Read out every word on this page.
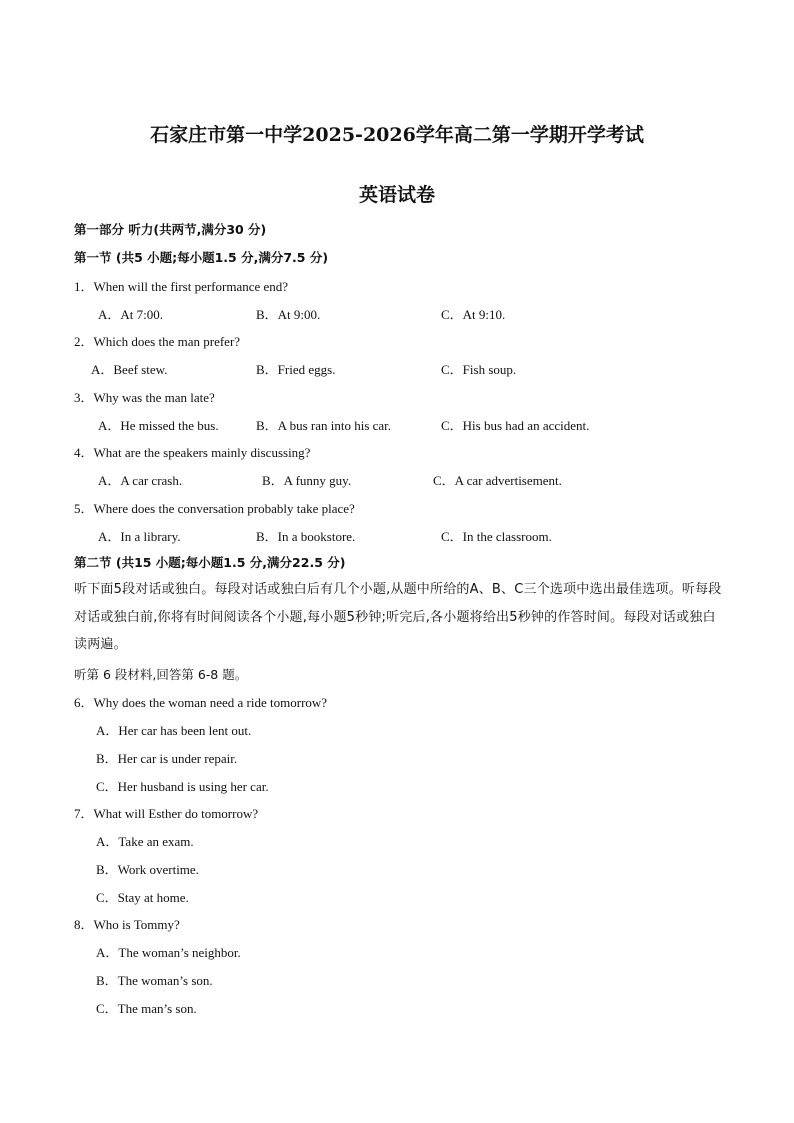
石家庄市第一中学2025-2026学年高二第一学期开学考试
英语试卷
第一部分 听力(共两节,满分30 分)
第一节 (共5 小题;每小题1.5 分,满分7.5 分)
1．When will the first performance end?
A．At 7:00.	B．At 9:00.	C．At 9:10.
2．Which does the man prefer?
A．Beef stew.	B．Fried eggs.	C．Fish soup.
3．Why was the man late?
A．He missed the bus.	B．A bus ran into his car.	C．His bus had an accident.
4．What are the speakers mainly discussing?
A．A car crash.	B．A funny guy.	C．A car advertisement.
5．Where does the conversation probably take place?
A．In a library.	B．In a bookstore.	C．In the classroom.
第二节 (共15 小题;每小题1.5 分,满分22.5 分)
听下面5段对话或独白。每段对话或独白后有几个小题,从题中所给的A、B、C三个选项中选出最佳选项。听每段对话或独白前,你将有时间阅读各个小题,每小题5秒钟;听完后,各小题将给出5秒钟的作答时间。每段对话或独白读两遍。
听第 6 段材料,回答第 6-8 题。
6．Why does the woman need a ride tomorrow?
A．Her car has been lent out.
B．Her car is under repair.
C．Her husband is using her car.
7．What will Esther do tomorrow?
A．Take an exam.
B．Work overtime.
C．Stay at home.
8．Who is Tommy?
A．The woman’s neighbor.
B．The woman’s son.
C．The man’s son.
